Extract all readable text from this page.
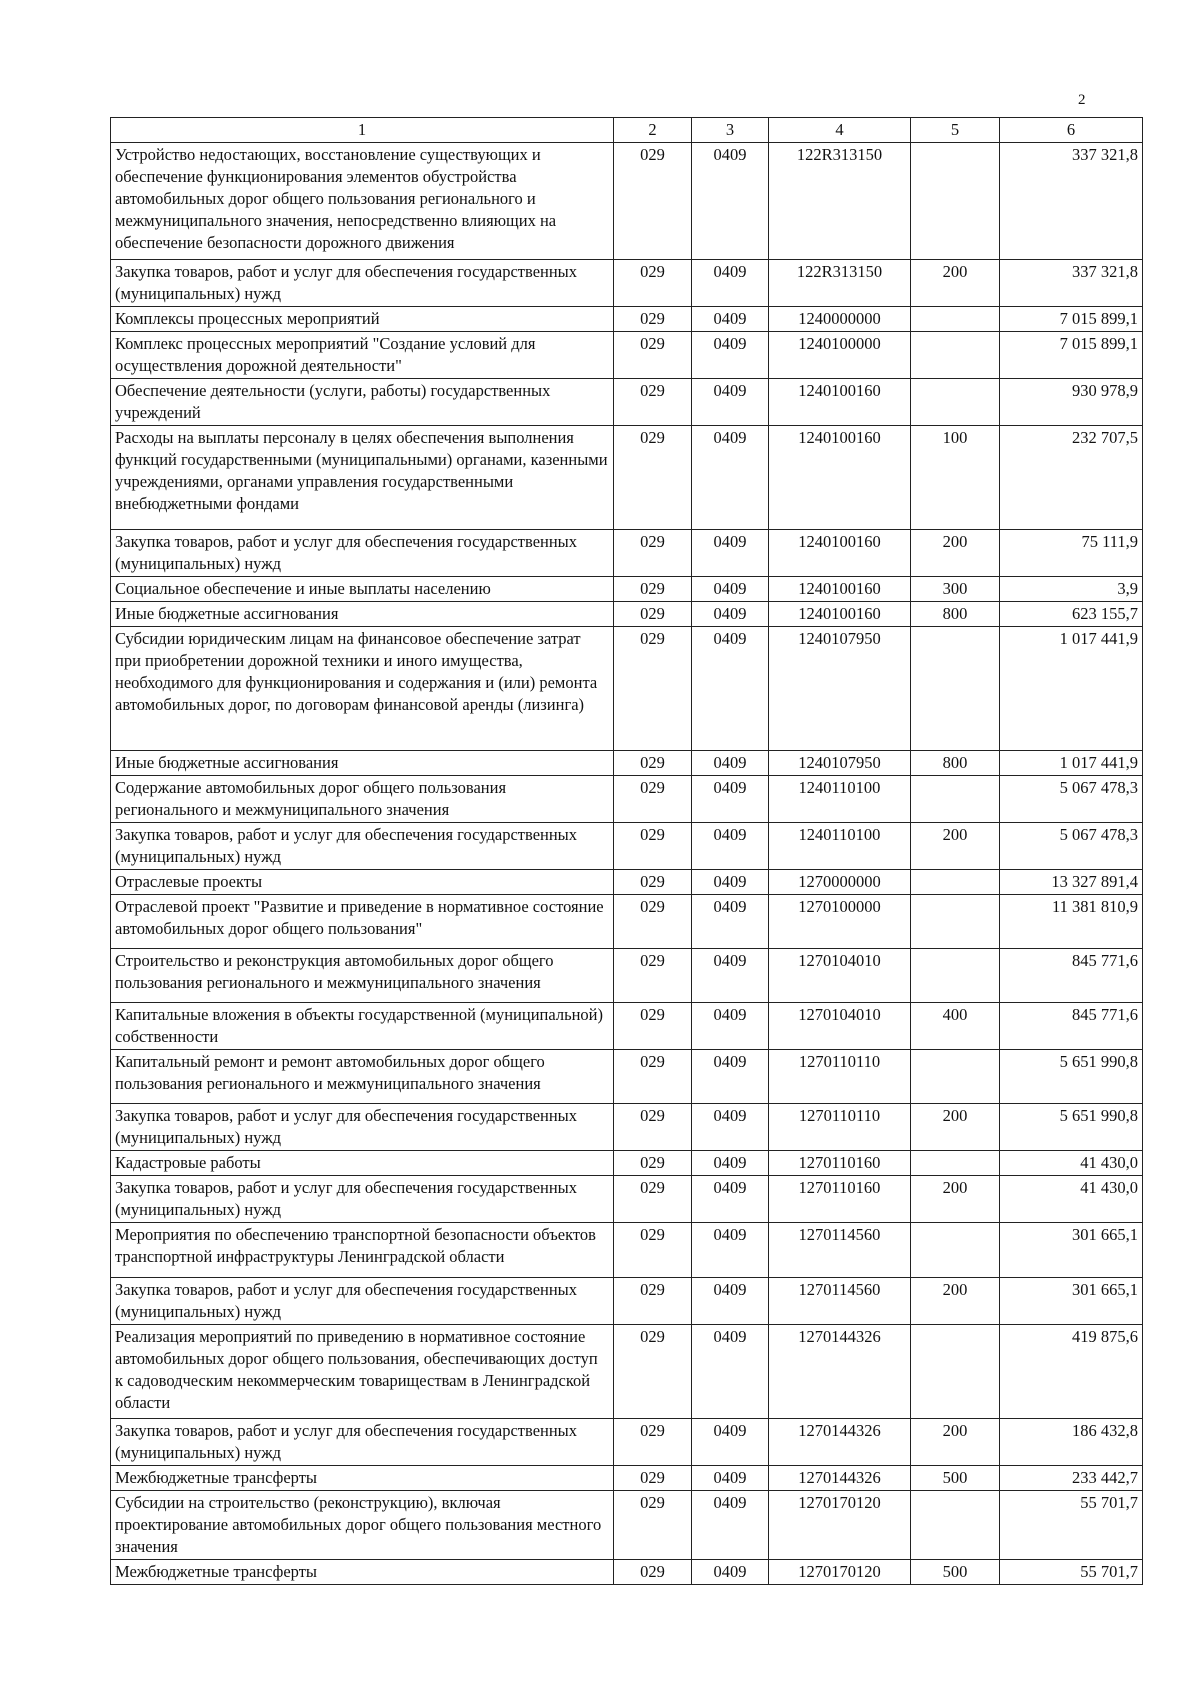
2
1	2	3	4	5	6
Устройство недостающих, восстановление существующих и обеспечение функционирования элементов обустройства автомобильных дорог общего пользования регионального и межмуниципального значения, непосредственно влияющих на обеспечение безопасности дорожного движения	029	0409	122R313150		337 321,8
Закупка товаров, работ и услуг для обеспечения государственных (муниципальных) нужд	029	0409	122R313150	200	337 321,8
Комплексы процессных мероприятий	029	0409	1240000000		7 015 899,1
Комплекс процессных мероприятий "Создание условий для осуществления дорожной деятельности"	029	0409	1240100000		7 015 899,1
Обеспечение деятельности (услуги, работы) государственных учреждений	029	0409	1240100160		930 978,9
Расходы на выплаты персоналу в целях обеспечения выполнения функций государственными (муниципальными) органами, казенными учреждениями, органами управления государственными внебюджетными фондами	029	0409	1240100160	100	232 707,5
Закупка товаров, работ и услуг для обеспечения государственных (муниципальных) нужд	029	0409	1240100160	200	75 111,9
Социальное обеспечение и иные выплаты населению	029	0409	1240100160	300	3,9
Иные бюджетные ассигнования	029	0409	1240100160	800	623 155,7
Субсидии юридическим лицам на финансовое обеспечение затрат при приобретении дорожной техники и иного имущества, необходимого для функционирования и содержания и (или) ремонта автомобильных дорог, по договорам финансовой аренды (лизинга)	029	0409	1240107950		1 017 441,9
Иные бюджетные ассигнования	029	0409	1240107950	800	1 017 441,9
Содержание автомобильных дорог общего пользования регионального и межмуниципального значения	029	0409	1240110100		5 067 478,3
Закупка товаров, работ и услуг для обеспечения государственных (муниципальных) нужд	029	0409	1240110100	200	5 067 478,3
Отраслевые проекты	029	0409	1270000000		13 327 891,4
Отраслевой проект "Развитие и приведение в нормативное состояние автомобильных дорог общего пользования"	029	0409	1270100000		11 381 810,9
Строительство и реконструкция автомобильных дорог общего пользования регионального и межмуниципального значения	029	0409	1270104010		845 771,6
Капитальные вложения в объекты государственной (муниципальной) собственности	029	0409	1270104010	400	845 771,6
Капитальный ремонт и ремонт автомобильных дорог общего пользования регионального и межмуниципального значения	029	0409	1270110110		5 651 990,8
Закупка товаров, работ и услуг для обеспечения государственных (муниципальных) нужд	029	0409	1270110110	200	5 651 990,8
Кадастровые работы	029	0409	1270110160		41 430,0
Закупка товаров, работ и услуг для обеспечения государственных (муниципальных) нужд	029	0409	1270110160	200	41 430,0
Мероприятия по обеспечению транспортной безопасности объектов транспортной инфраструктуры Ленинградской области	029	0409	1270114560		301 665,1
Закупка товаров, работ и услуг для обеспечения государственных (муниципальных) нужд	029	0409	1270114560	200	301 665,1
Реализация мероприятий по приведению в нормативное состояние автомобильных дорог общего пользования, обеспечивающих доступ к садоводческим некоммерческим товариществам в Ленинградской области	029	0409	1270144326		419 875,6
Закупка товаров, работ и услуг для обеспечения государственных (муниципальных) нужд	029	0409	1270144326	200	186 432,8
Межбюджетные трансферты	029	0409	1270144326	500	233 442,7
Субсидии на строительство (реконструкцию), включая проектирование автомобильных дорог общего пользования местного значения	029	0409	1270170120		55 701,7
Межбюджетные трансферты	029	0409	1270170120	500	55 701,7
